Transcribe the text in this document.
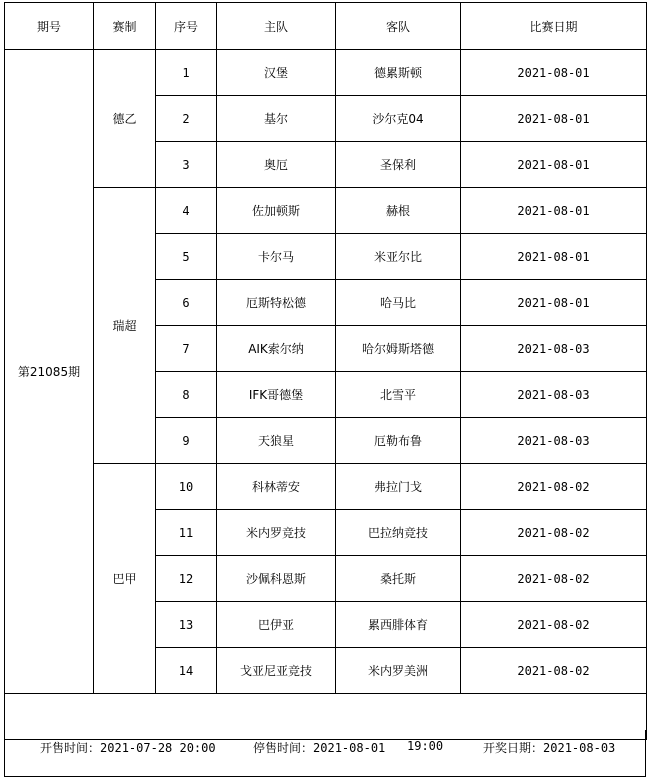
期号	赛制	序号	主队	客队	比赛日期
第21085期	德乙	1	汉堡	德累斯顿	2021-08-01
		2	基尔	沙尔克04	2021-08-01
		3	奥厄	圣保利	2021-08-01
	瑞超	4	佐加顿斯	赫根	2021-08-01
		5	卡尔马	米亚尔比	2021-08-01
		6	厄斯特松德	哈马比	2021-08-01
		7	AIK索尔纳	哈尔姆斯塔德	2021-08-03
		8	IFK哥德堡	北雪平	2021-08-03
		9	天狼星	厄勒布鲁	2021-08-03
	巴甲	10	科林蒂安	弗拉门戈	2021-08-02
		11	米内罗竞技	巴拉纳竞技	2021-08-02
		12	沙佩科恩斯	桑托斯	2021-08-02
		13	巴伊亚	累西腓体育	2021-08-02
		14	戈亚尼亚竞技	米内罗美洲	2021-08-02

开售时间：2021-07-28 20:00	停售时间：2021-08-01 19:00	开奖日期：2021-08-03
